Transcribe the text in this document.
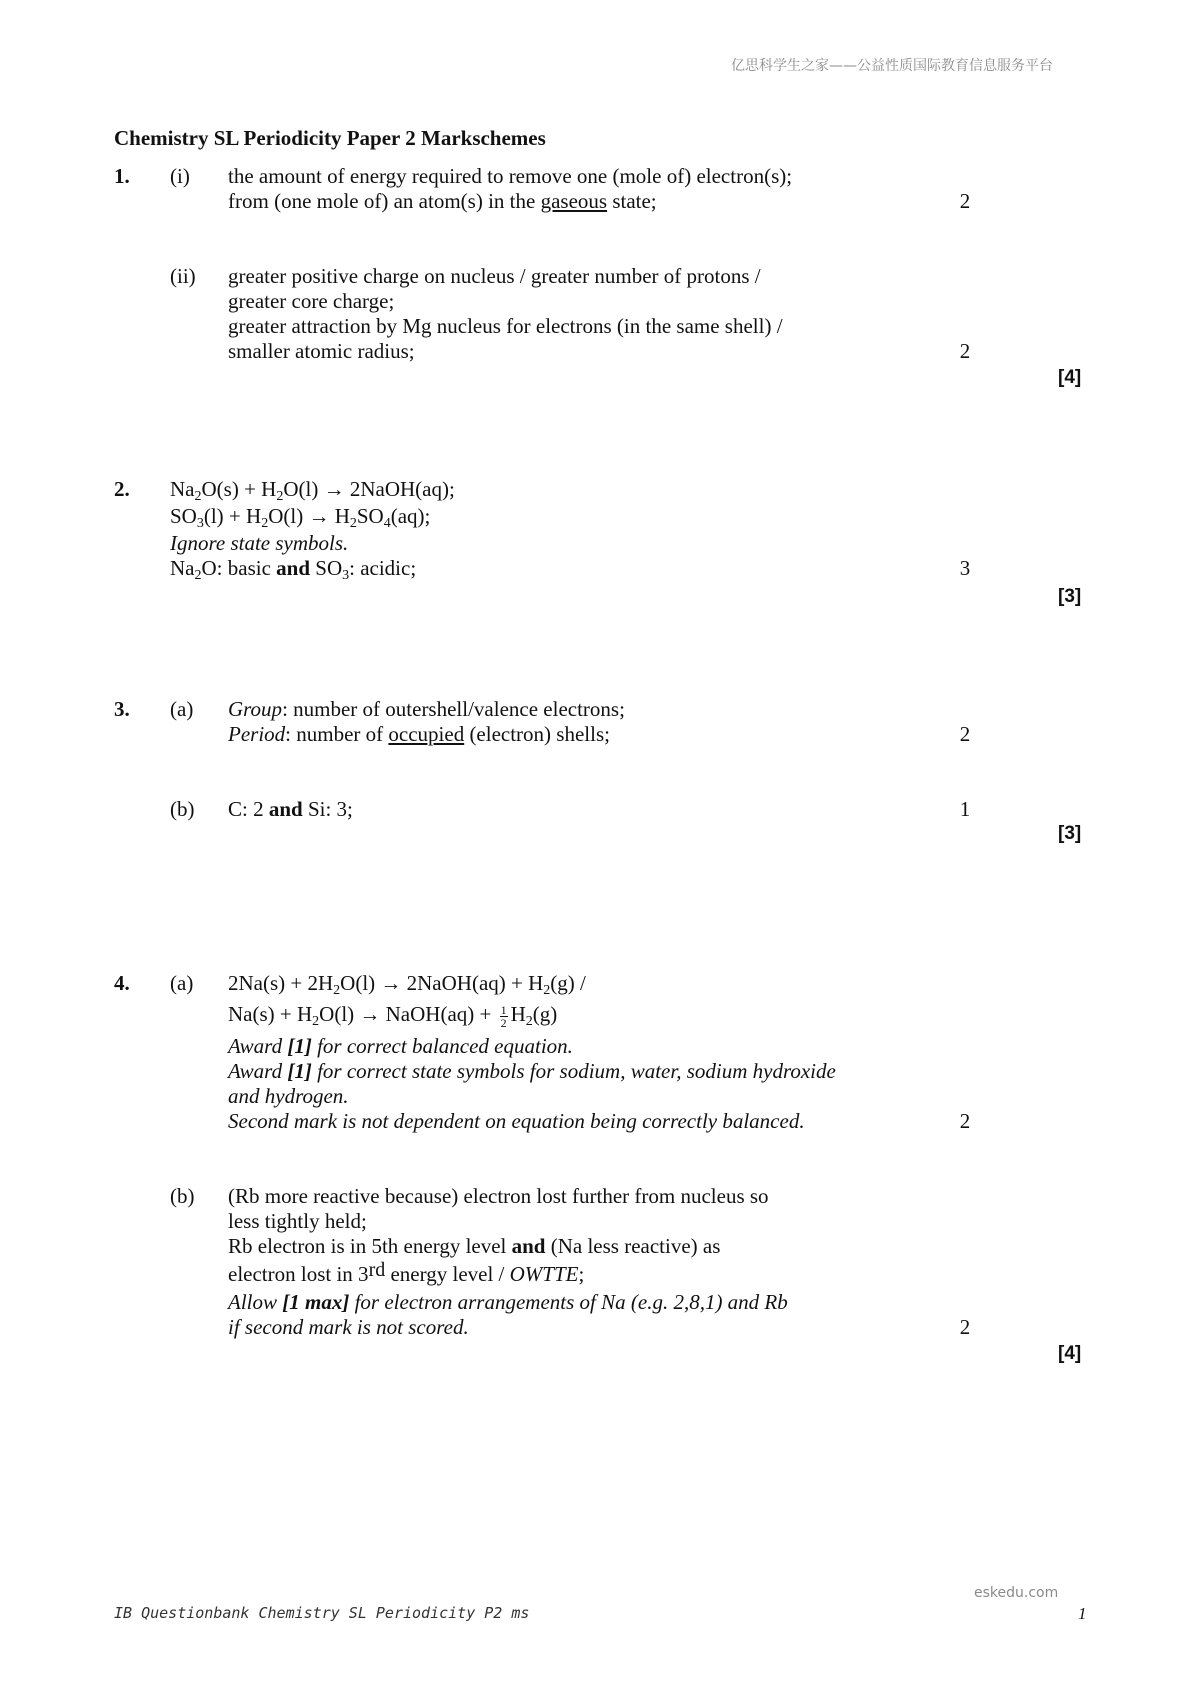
亿思科学生之家——公益性质国际教育信息服务平台
Chemistry SL Periodicity Paper 2 Markschemes
1. (i) the amount of energy required to remove one (mole of) electron(s);
from (one mole of) an atom(s) in the gaseous state;	2
(ii) greater positive charge on nucleus / greater number of protons /
greater core charge;
greater attraction by Mg nucleus for electrons (in the same shell) /
smaller atomic radius;	2
[4]
2. $Na_2O(s) + H_2O(l)$ → 2NaOH(aq);
$SO_3(l) + H_2O(l) \to H_2SO_4(aq)$;
Ignore state symbols.
$Na_2O$: basic and $SO_3$: acidic;	3
[3]
3. (a) Group: number of outershell/valence electrons;
Period: number of occupied (electron) shells;	2
(b) C: 2 and Si: 3;	1
[3]
4. (a) $2Na(s) + 2H_2O(l)$ → 2NaOH(aq) + $H_2(g)$ /
$Na(s) + H_2O(l)$ → NaOH(aq) + $\frac{1}{2} H_2(g)$
Award [1] for correct balanced equation.
Award [1] for correct state symbols for sodium, water, sodium hydroxide
and hydrogen.
Second mark is not dependent on equation being correctly balanced.	2
(b) (Rb more reactive because) electron lost further from nucleus so
less tightly held;
Rb electron is in 5th energy level and (Na less reactive) as
electron lost in 3rd energy level / OWTTE;
Allow [1 max] for electron arrangements of Na (e.g. 2,8,1) and Rb
if second mark is not scored.	2
[4]
eskedu.com
IB Questionbank Chemistry SL Periodicity P2 ms	1
